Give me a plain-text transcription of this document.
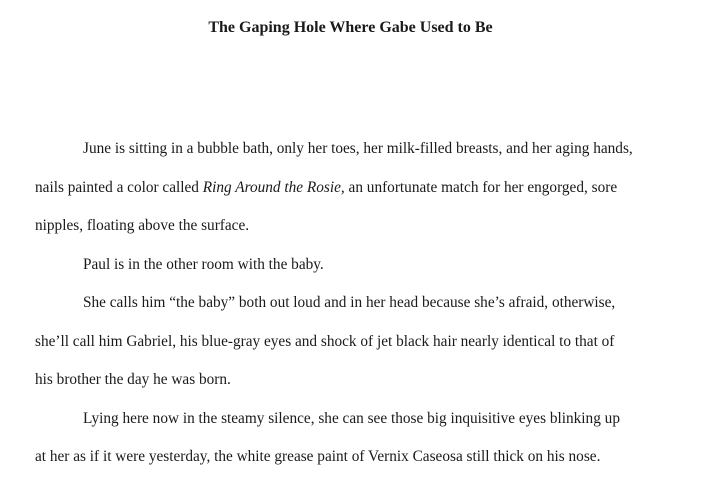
The Gaping Hole Where Gabe Used to Be

June is sitting in a bubble bath, only her toes, her milk-filled breasts, and her aging hands,
nails painted a color called Ring Around the Rosie, an unfortunate match for her engorged, sore
nipples, floating above the surface.

Paul is in the other room with the baby.

She calls him “the baby” both out loud and in her head because she’s afraid, otherwise,
she’ll call him Gabriel, his blue-gray eyes and shock of jet black hair nearly identical to that of
his brother the day he was born.

Lying here now in the steamy silence, she can see those big inquisitive eyes blinking up
at her as if it were yesterday, the white grease paint of Vernix Caseosa still thick on his nose.
